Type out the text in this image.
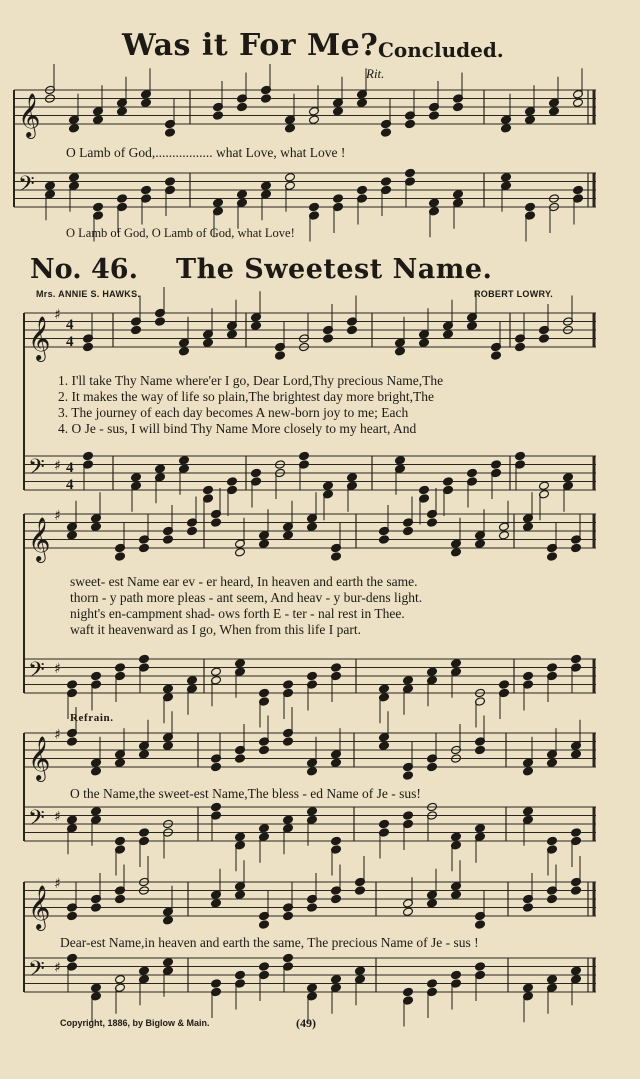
𝄞
𝄢
𝄞
♯
4
4
𝄢 ♯ 4
4
𝄞
♯
𝄢 ♯
𝄞
♯
𝄢 ♯
𝄞
♯
𝄢 ♯
Was it For Me? Concluded.
Rit.
O Lamb of God,................. what Love, what Love !
O Lamb of God, O Lamb of God, what Love!
No. 46. The Sweetest Name.
Mrs. ANNIE S. HAWKS.	ROBERT LOWRY.
1. I'll take Thy Name where'er I go, Dear Lord,Thy precious Name,The
2. It makes the way of life so plain,The brightest day more bright,The
3. The journey of each day becomes A new-born joy to me; Each
4. O Je - sus, I will bind Thy Name More closely to my heart, And
sweet- est Name ear ev - er heard, In heaven and earth the same.
thorn - y path more pleas - ant seem, And heav - y bur-dens light.
night's en-campment shad- ows forth E - ter - nal rest in Thee.
waft it heavenward as I go, When from this life I part.
Refrain.
O the Name,the sweet-est Name,The bless - ed Name of Je - sus!
Dear-est Name,in heaven and earth the same, The precious Name of Je - sus !
Copyright, 1886, by Biglow & Main.	(49)
